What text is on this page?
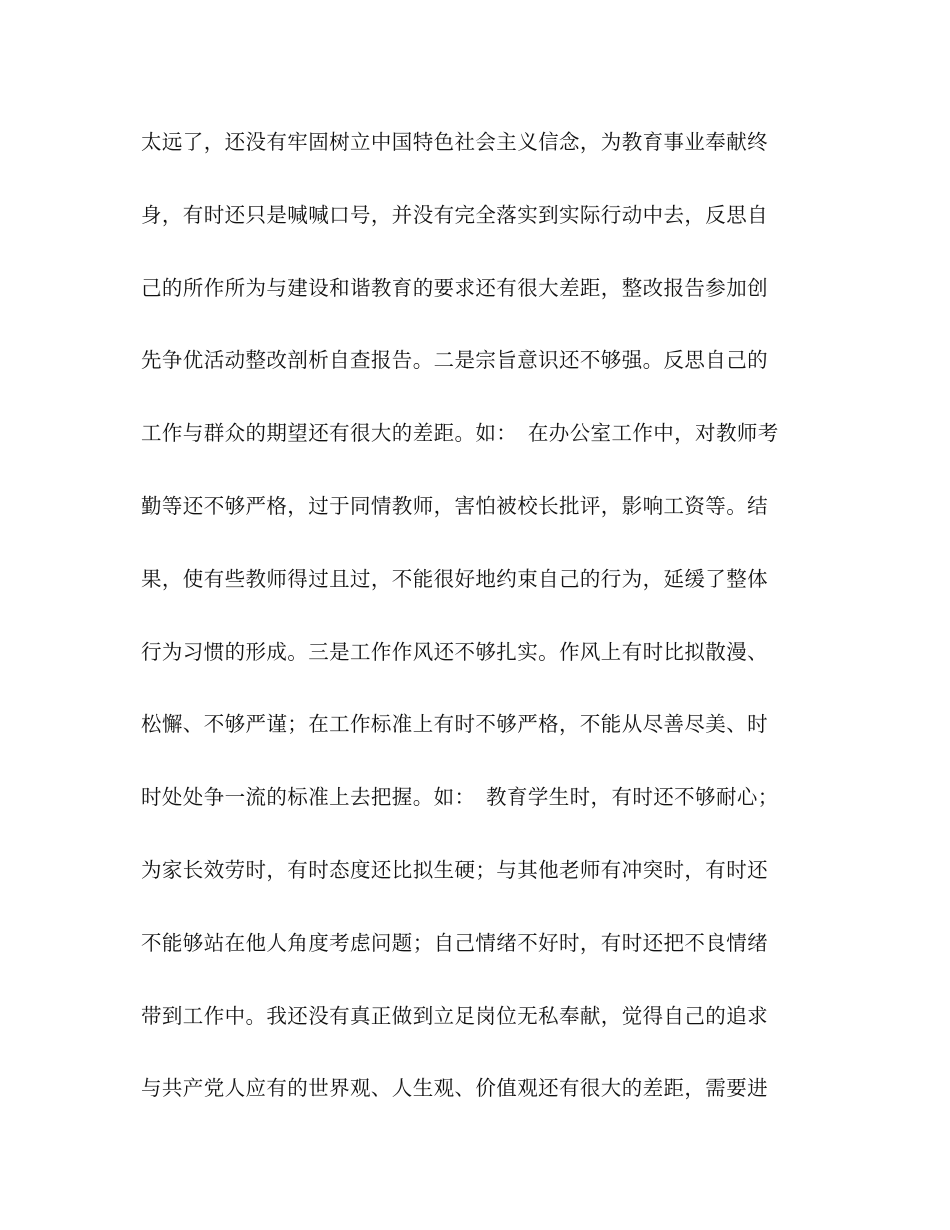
太远了，还没有牢固树立中国特色社会主义信念，为教育事业奉献终
身，有时还只是喊喊口号，并没有完全落实到实际行动中去，反思自
己的所作所为与建设和谐教育的要求还有很大差距，整改报告参加创
先争优活动整改剖析自查报告。二是宗旨意识还不够强。反思自己的
工作与群众的期望还有很大的差距。如：　在办公室工作中，对教师考
勤等还不够严格，过于同情教师，害怕被校长批评，影响工资等。结
果，使有些教师得过且过，不能很好地约束自己的行为，延缓了整体
行为习惯的形成。三是工作作风还不够扎实。作风上有时比拟散漫、
松懈、不够严谨；在工作标准上有时不够严格，不能从尽善尽美、时
时处处争一流的标准上去把握。如：　教育学生时，有时还不够耐心；
为家长效劳时，有时态度还比拟生硬；与其他老师有冲突时，有时还
不能够站在他人角度考虑问题；自己情绪不好时，有时还把不良情绪
带到工作中。我还没有真正做到立足岗位无私奉献，觉得自己的追求
与共产党人应有的世界观、人生观、价值观还有很大的差距，需要进
